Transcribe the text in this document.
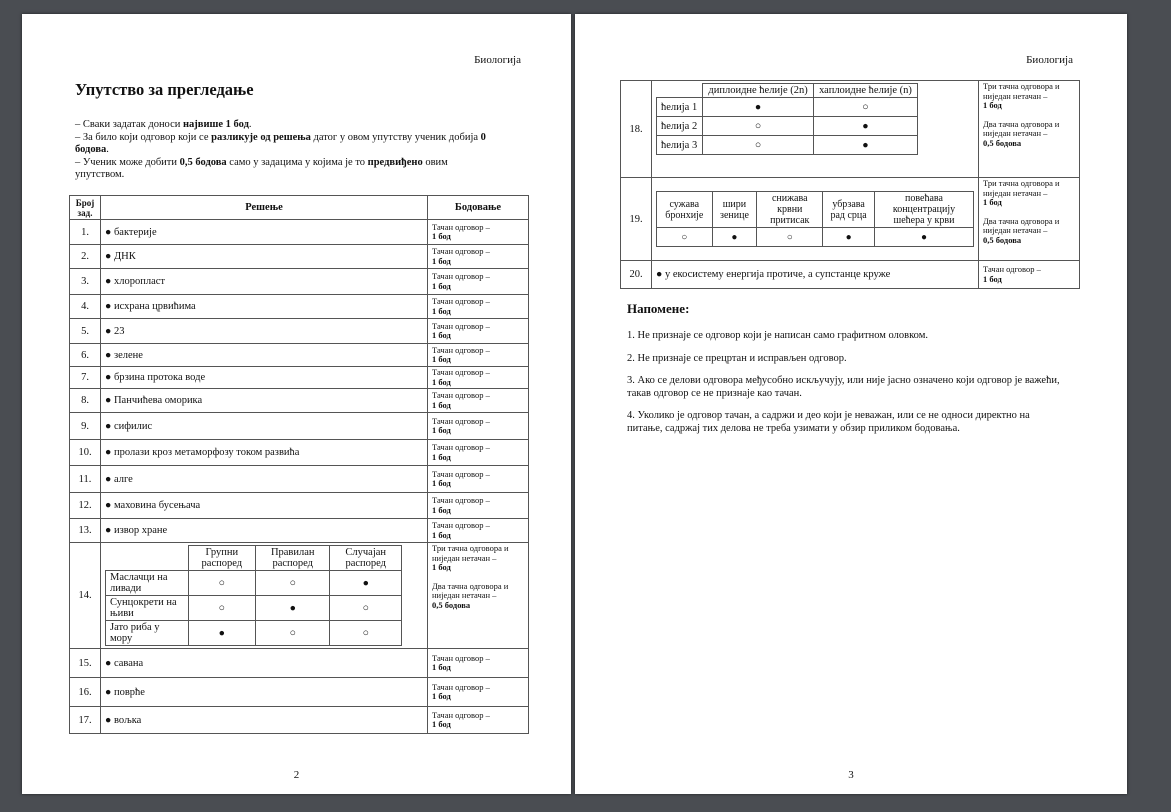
Биологија
Упутство за прегледање
– Сваки задатак доноси највише 1 бод.
– За било који одговор који се разликује од решења датог у овом упутству ученик добија 0 бодова.
– Ученик може добити 0,5 бодова само у задацима у којима је то предвиђено овим упутством.
Број зад.	Решење	Бодовање
1.	● бактерије	Тачан одговор –
1 бод
2.	● ДНК	Тачан одговор –
1 бод
3.	● хлоропласт	Тачан одговор –
1 бод
4.	● исхрана црвићима	Тачан одговор –
1 бод
5.	● 23	Тачан одговор –
1 бод
6.	● зелене	Тачан одговор –
1 бод
7.	● брзина протока воде	Тачан одговор –
1 бод
8.	● Панчићева оморика	Тачан одговор –
1 бод
9.	● сифилис	Тачан одговор –
1 бод
10.	● пролази кроз метаморфозу током развића	Тачан одговор –
1 бод
11.	● алге	Тачан одговор –
1 бод
12.	● маховина бусењача	Тачан одговор –
1 бод
13.	● извор хране	Тачан одговор –
1 бод
14.	
	Групни распоред	Правилан распоред	Случајан распоред
Маслачци на ливади	○	○	●
Сунцокрети на њиви	○	●	○
Јато риба у мору	●	○	○

Три тачна одговора и
ниједан нетачан –
1 бод
Два тачна одговора и
ниједан нетачан –
0,5 бодова
15.	● савана	Тачан одговор –
1 бод
16.	● поврће	Тачан одговор –
1 бод
17.	● вољка	Тачан одговор –
1 бод
2
Биологија
18.	
	диплоидне ћелије (2n)	хаплоидне ћелије (n)
ћелија 1	●	○
ћелија 2	○	●
ћелија 3	○	●

Три тачна одговора и
ниједан нетачан –
1 бод
Два тачна одговора и
ниједан нетачан –
0,5 бодова
19.	
сужава бронхије	шири зенице	снижава крвни притисак	убрзава рад срца	повећава концентрацију шећера у крви
○	●	○	●	●

Три тачна одговора и
ниједан нетачан –
1 бод
Два тачна одговора и
ниједан нетачан –
0,5 бодова
20.	● у екосистему енергија протиче, а супстанце круже	Тачан одговор –
1 бод
Напомене:

1. Не признаје се одговор који је написан само графитном оловком.

2. Не признаје се прецртан и исправљен одговор.

3. Ако се делови одговора међусобно искључују, или није јасно означено који одговор је важећи, такав одговор се не признаје као тачан.

4. Уколико је одговор тачан, а садржи и део који је неважан, или се не односи директно на питање, садржај тих делова не треба узимати у обзир приликом бодовања.

3
